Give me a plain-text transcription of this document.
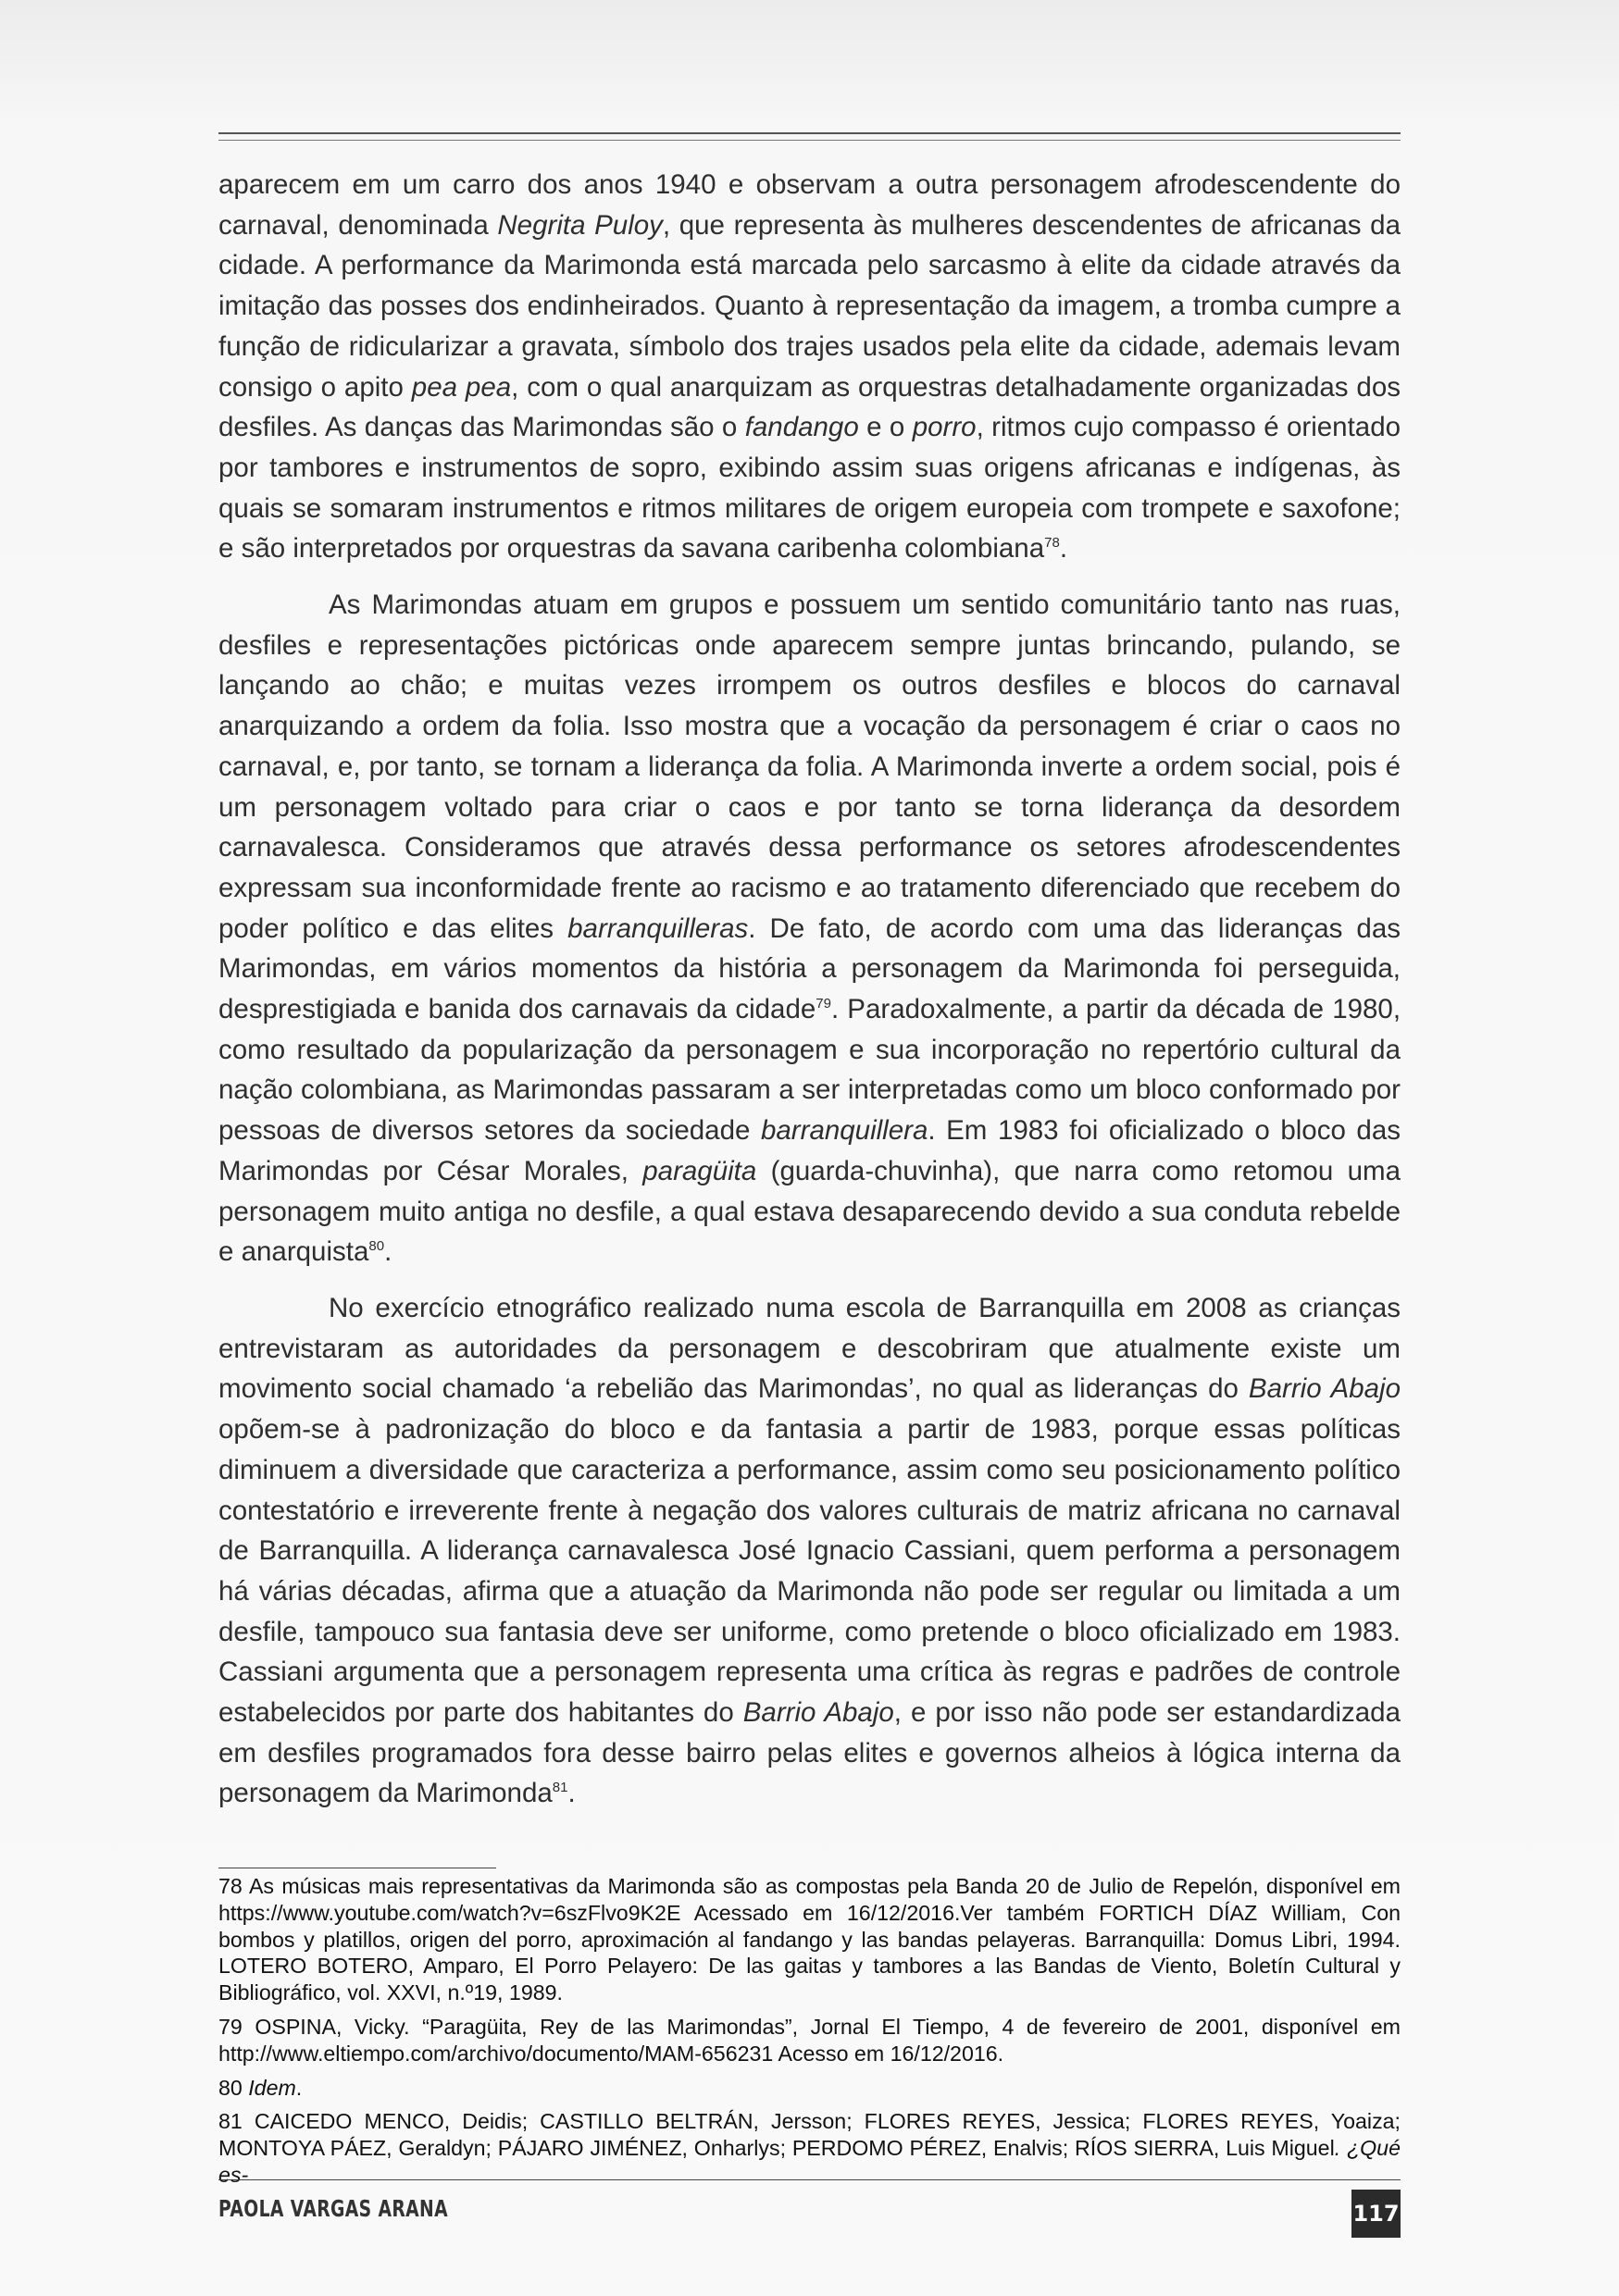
aparecem em um carro dos anos 1940 e observam a outra personagem afrodescendente do carnaval, denominada Negrita Puloy, que representa às mulheres descendentes de africanas da cidade. A performance da Marimonda está marcada pelo sarcasmo à elite da cidade através da imitação das posses dos endinheirados. Quanto à representação da imagem, a tromba cumpre a função de ridicularizar a gravata, símbolo dos trajes usados pela elite da cidade, ademais levam consigo o apito pea pea, com o qual anarquizam as orquestras detalhadamente organizadas dos desfiles. As danças das Marimondas são o fandango e o porro, ritmos cujo compasso é orientado por tambores e instrumentos de sopro, exibindo assim suas origens africanas e indígenas, às quais se somaram instrumentos e ritmos militares de origem europeia com trompete e saxofone; e são interpretados por orquestras da savana caribenha colombiana$^{78}$.

As Marimondas atuam em grupos e possuem um sentido comunitário tanto nas ruas, desfiles e representações pictóricas onde aparecem sempre juntas brincando, pulando, se lançando ao chão; e muitas vezes irrompem os outros desfiles e blocos do carnaval anarquizando a ordem da folia. Isso mostra que a vocação da personagem é criar o caos no carnaval, e, por tanto, se tornam a liderança da folia. A Marimonda inverte a ordem social, pois é um personagem voltado para criar o caos e por tanto se torna liderança da desordem carnavalesca. Consideramos que através dessa performance os setores afrodescendentes expressam sua inconformidade frente ao racismo e ao tratamento diferenciado que recebem do poder político e das elites barranquilleras. De fato, de acordo com uma das lideranças das Marimondas, em vários momentos da história a personagem da Marimonda foi perseguida, desprestigiada e banida dos carnavais da cidade$^{79}$. Paradoxalmente, a partir da década de 1980, como resultado da popularização da personagem e sua incorporação no repertório cultural da nação colombiana, as Marimondas passaram a ser interpretadas como um bloco conformado por pessoas de diversos setores da sociedade barranquillera. Em 1983 foi oficializado o bloco das Marimondas por César Morales, paragüita (guarda-chuvinha), que narra como retomou uma personagem muito antiga no desfile, a qual estava desaparecendo devido a sua conduta rebelde e anarquista$^{80}$.

No exercício etnográfico realizado numa escola de Barranquilla em 2008 as crianças entrevistaram as autoridades da personagem e descobriram que atualmente existe um movimento social chamado ‘a rebelião das Marimondas’, no qual as lideranças do Barrio Abajo opõem-se à padronização do bloco e da fantasia a partir de 1983, porque essas políticas diminuem a diversidade que caracteriza a performance, assim como seu posicionamento político contestatório e irreverente frente à negação dos valores culturais de matriz africana no carnaval de Barranquilla. A liderança carnavalesca José Ignacio Cassiani, quem performa a personagem há várias décadas, afirma que a atuação da Marimonda não pode ser regular ou limitada a um desfile, tampouco sua fantasia deve ser uniforme, como pretende o bloco oficializado em 1983. Cassiani argumenta que a personagem representa uma crítica às regras e padrões de controle estabelecidos por parte dos habitantes do Barrio Abajo, e por isso não pode ser estandardizada em desfiles programados fora desse bairro pelas elites e governos alheios à lógica interna da personagem da Marimonda$^{81}$.

78 As músicas mais representativas da Marimonda são as compostas pela Banda 20 de Julio de Repelón, disponível em https://www.youtube.com/watch?v=6szFlvo9K2E Acessado em 16/12/2016.Ver também FORTICH DÍAZ William, Con bombos y platillos, origen del porro, aproximación al fandango y las bandas pelayeras. Barranquilla: Domus Libri, 1994. LOTERO BOTERO, Amparo, El Porro Pelayero: De las gaitas y tambores a las Bandas de Viento, Boletín Cultural y Bibliográfico, vol. XXVI, n.º19, 1989.

79 OSPINA, Vicky. “Paragüita, Rey de las Marimondas”, Jornal El Tiempo, 4 de fevereiro de 2001, disponível em http://www.eltiempo.com/archivo/documento/MAM-656231 Acesso em 16/12/2016.

80 Idem.

81 CAICEDO MENCO, Deidis; CASTILLO BELTRÁN, Jersson; FLORES REYES, Jessica; FLORES REYES, Yoaiza; MONTOYA PÁEZ, Geraldyn; PÁJARO JIMÉNEZ, Onharlys; PERDOMO PÉREZ, Enalvis; RÍOS SIERRA, Luis Miguel. ¿Qué es-

PAOLA VARGAS ARANA	117
